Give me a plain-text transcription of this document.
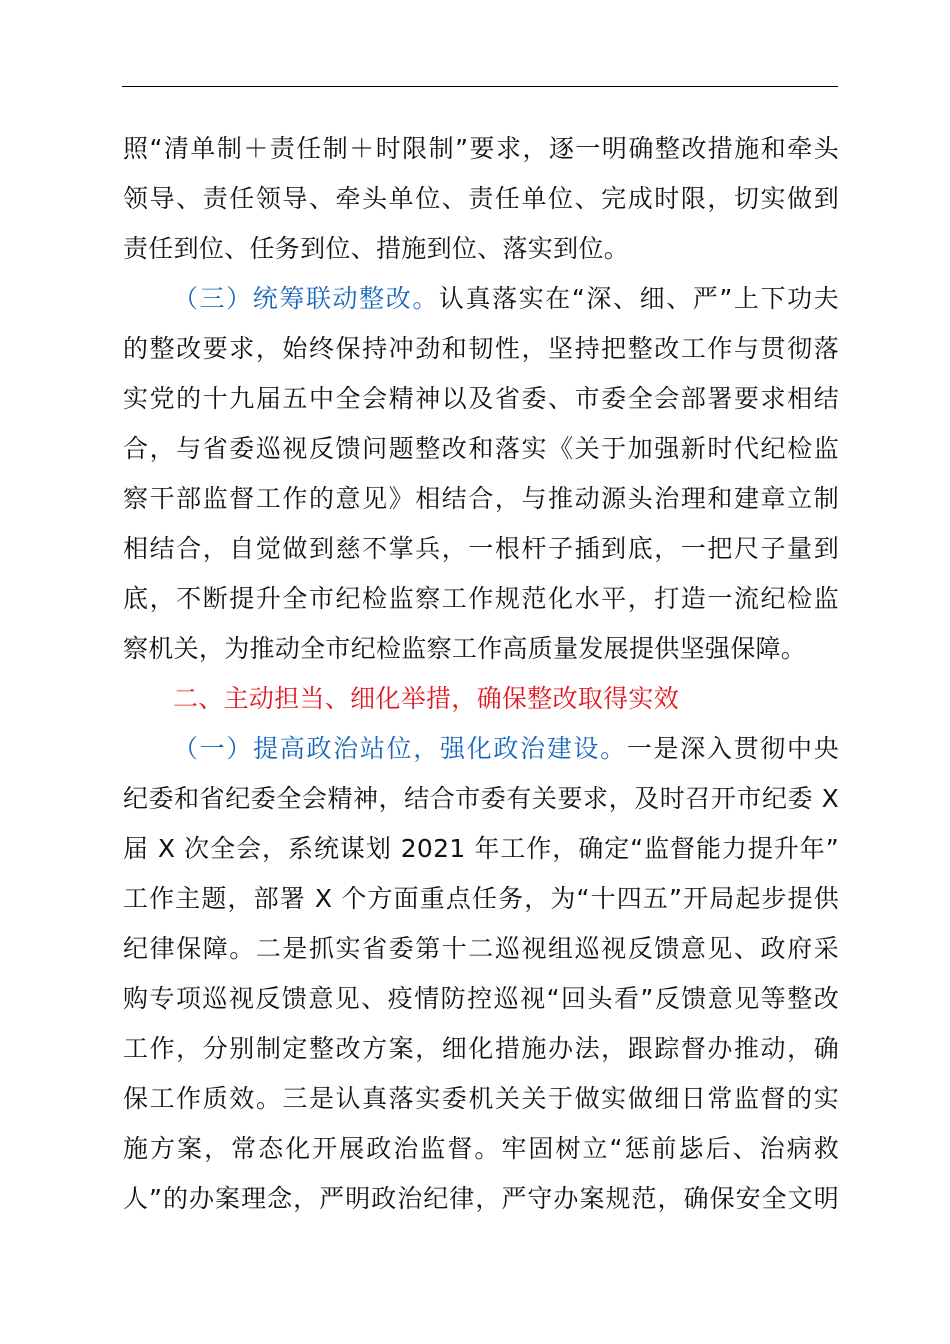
照“清单制＋责任制＋时限制”要求，逐一明确整改措施和牵头
领导、责任领导、牵头单位、责任单位、完成时限，切实做到
责任到位、任务到位、措施到位、落实到位。
（三）统筹联动整改。认真落实在“深、细、严”上下功夫
的整改要求，始终保持冲劲和韧性，坚持把整改工作与贯彻落
实党的十九届五中全会精神以及省委、市委全会部署要求相结
合，与省委巡视反馈问题整改和落实《关于加强新时代纪检监
察干部监督工作的意见》相结合，与推动源头治理和建章立制
相结合，自觉做到慈不掌兵，一根杆子插到底，一把尺子量到
底，不断提升全市纪检监察工作规范化水平，打造一流纪检监
察机关，为推动全市纪检监察工作高质量发展提供坚强保障。
二、主动担当、细化举措，确保整改取得实效
（一）提高政治站位，强化政治建设。一是深入贯彻中央
纪委和省纪委全会精神，结合市委有关要求，及时召开市纪委 X
届 X 次全会，系统谋划 2021 年工作，确定“监督能力提升年”
工作主题，部署 X 个方面重点任务，为“十四五”开局起步提供
纪律保障。二是抓实省委第十二巡视组巡视反馈意见、政府采
购专项巡视反馈意见、疫情防控巡视“回头看”反馈意见等整改
工作，分别制定整改方案，细化措施办法，跟踪督办推动，确
保工作质效。三是认真落实委机关关于做实做细日常监督的实
施方案，常态化开展政治监督。牢固树立“惩前毖后、治病救
人”的办案理念，严明政治纪律，严守办案规范，确保安全文明
